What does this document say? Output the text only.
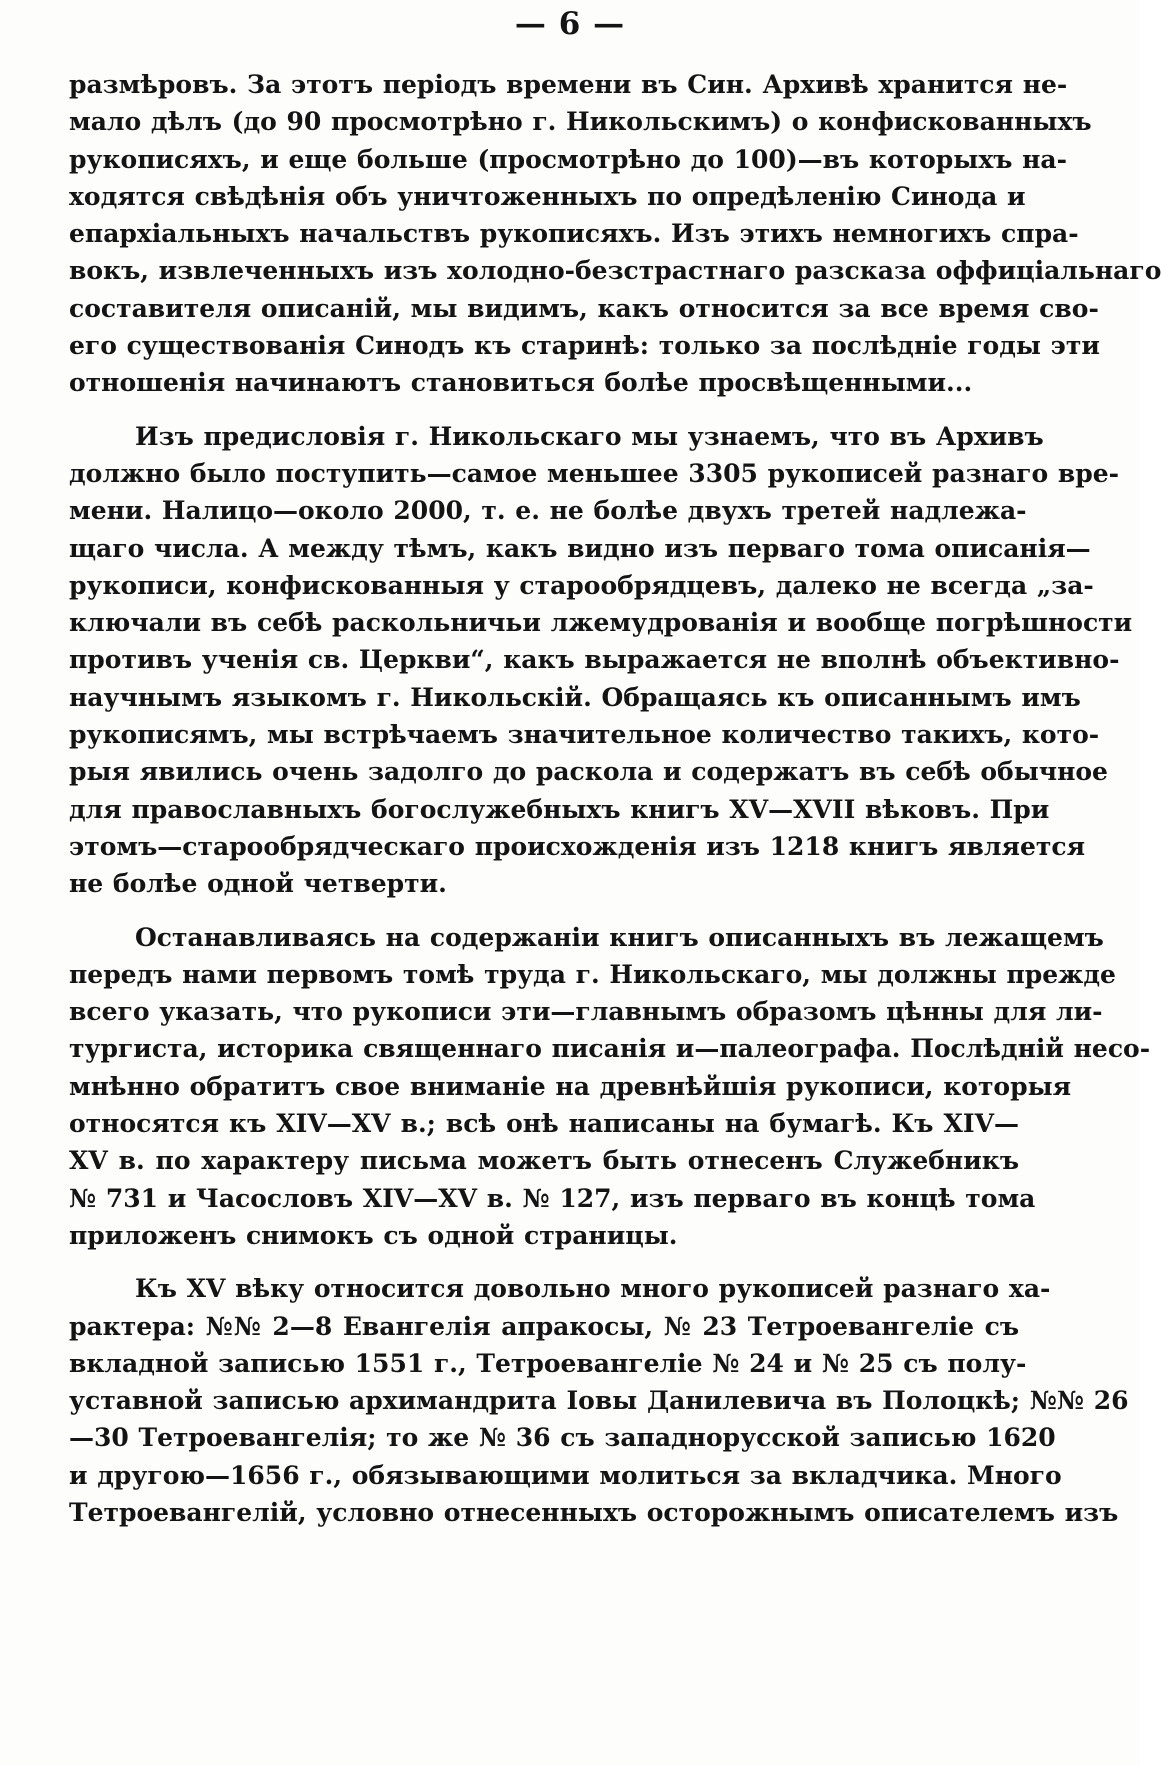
— 6 —

размѣровъ. За этотъ періодъ времени въ Син. Архивѣ хранится не-
мало дѣлъ (до 90 просмотрѣно г. Никольскимъ) о конфискованныхъ
рукописяхъ, и еще больше (просмотрѣно до 100)—въ которыхъ на-
ходятся свѣдѣнія объ уничтоженныхъ по опредѣленію Синода и
епархіальныхъ начальствъ рукописяхъ. Изъ этихъ немногихъ спра-
вокъ, извлеченныхъ изъ холодно-безстрастнаго разсказа оффиціальнаго
составителя описаній, мы видимъ, какъ относится за все время сво-
его существованія Синодъ къ старинѣ: только за послѣдніе годы эти
отношенія начинаютъ становиться болѣе просвѣщенными...

Изъ предисловія г. Никольскаго мы узнаемъ, что въ Архивъ
должно было поступить—самое меньшее 3305 рукописей разнаго вре-
мени. Налицо—около 2000, т. е. не болѣе двухъ третей надлежа-
щаго числа. А между тѣмъ, какъ видно изъ перваго тома описанія—
рукописи, конфискованныя у старообрядцевъ, далеко не всегда „за-
ключали въ себѣ раскольничьи лжемудрованія и вообще погрѣшности
противъ ученія св. Церкви“, какъ выражается не вполнѣ объективно-
научнымъ языкомъ г. Никольскій. Обращаясь къ описаннымъ имъ
рукописямъ, мы встрѣчаемъ значительное количество такихъ, кото-
рыя явились очень задолго до раскола и содержатъ въ себѣ обычное
для православныхъ богослужебныхъ книгъ XV—XVII вѣковъ. При
этомъ—старообрядческаго происхожденія изъ 1218 книгъ является
не болѣе одной четверти.

Останавливаясь на содержаніи книгъ описанныхъ въ лежащемъ
передъ нами первомъ томѣ труда г. Никольскаго, мы должны прежде
всего указать, что рукописи эти—главнымъ образомъ цѣнны для ли-
тургиста, историка священнаго писанія и—палеографа. Послѣдній несо-
мнѣнно обратитъ свое вниманіе на древнѣйшія рукописи, которыя
относятся къ XIV—XV в.; всѣ онѣ написаны на бумагѣ. Къ XIV—
XV в. по характеру письма можетъ быть отнесенъ Служебникъ
№ 731 и Часословъ XIV—XV в. № 127, изъ перваго въ концѣ тома
приложенъ снимокъ съ одной страницы.

Къ XV вѣку относится довольно много рукописей разнаго ха-
рактера: №№ 2—8 Евангелія апракосы, № 23 Тетроевангеліе съ
вкладной записью 1551 г., Тетроевангеліе № 24 и № 25 съ полу-
уставной записью архимандрита Іовы Данилевича въ Полоцкѣ; №№ 26
—30 Тетроевангелія; то же № 36 съ западнорусской записью 1620
и другою—1656 г., обязывающими молиться за вкладчика. Много
Тетроевангелій, условно отнесенныхъ осторожнымъ описателемъ изъ
